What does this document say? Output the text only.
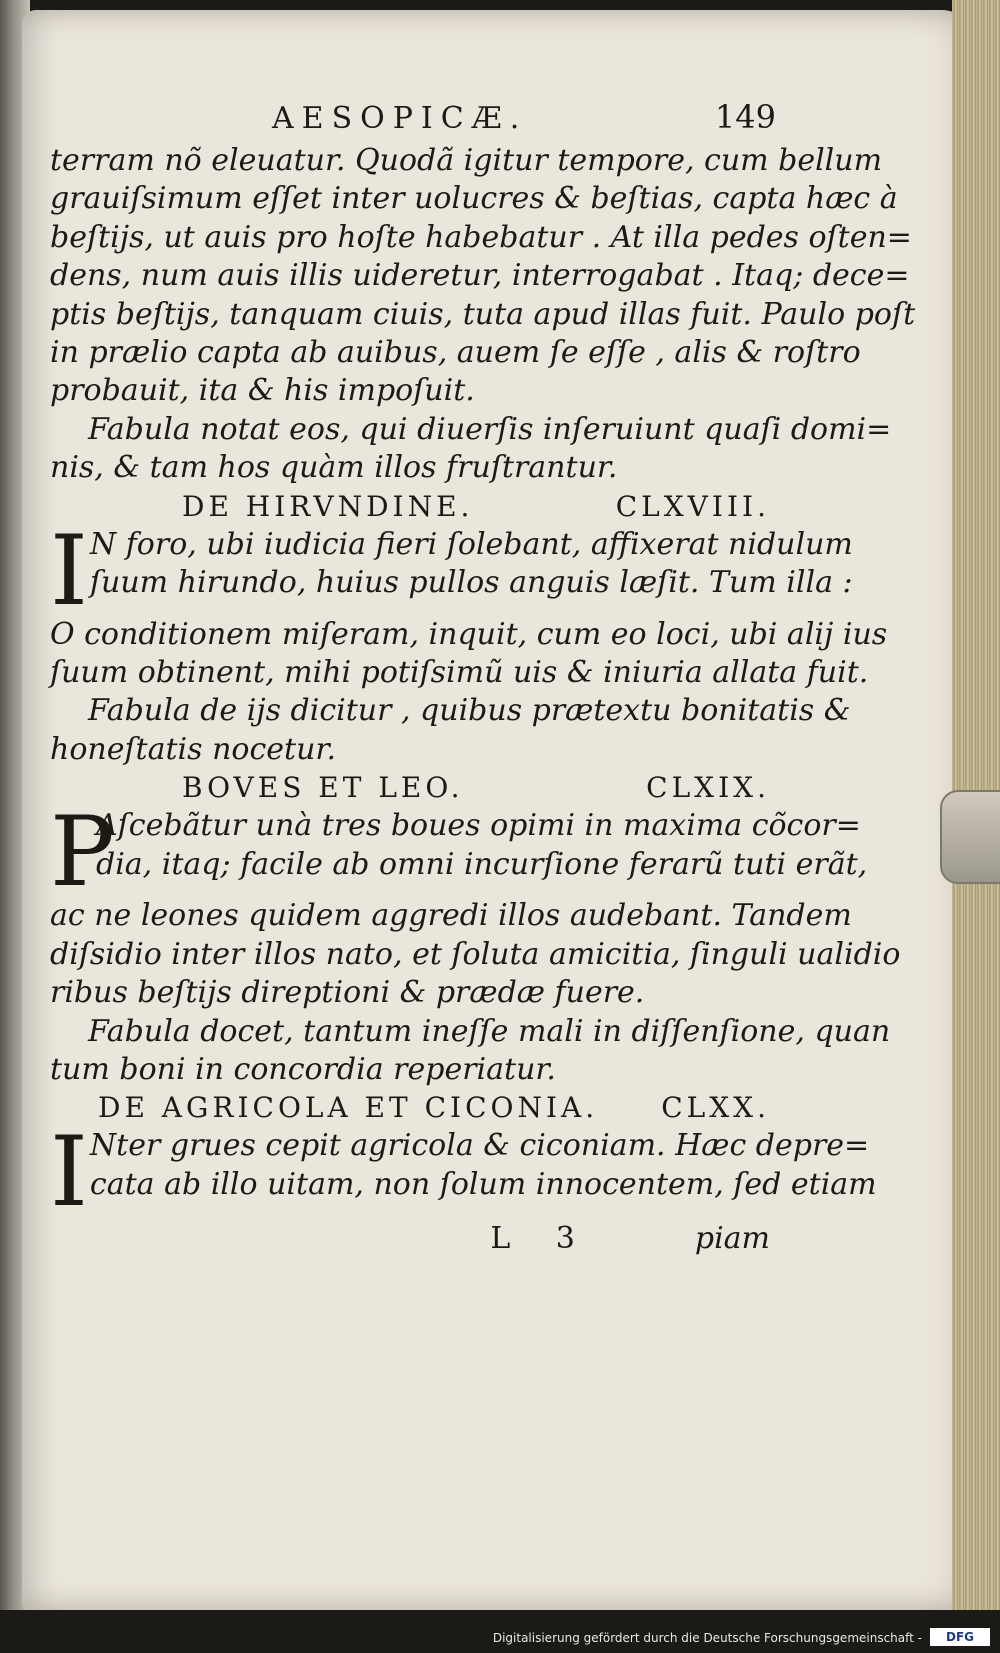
AESOPICÆ.	149
terram nõ eleuatur. Quodã igitur tempore, cum bellum
grauiſsimum eſſet inter uolucres & beſtias, capta hæc à
beſtijs, ut auis pro hoſte habebatur . At illa pedes oſten=
dens, num auis illis uideretur, interrogabat . Itaq; dece=
ptis beſtijs, tanquam ciuis, tuta apud illas fuit. Paulo poſt
in prælio capta ab auibus, auem ſe eſſe , alis & roſtro
probauit, ita & his impoſuit.
Fabula notat eos, qui diuerſis inſeruiunt quaſi domi=
nis, & tam hos quàm illos fruſtrantur.
DE HIRVNDINE.	CLXVIII.
I N foro, ubi iudicia fieri ſolebant, affixerat nidulum
ſuum hirundo, huius pullos anguis læſit. Tum illa :
O conditionem miſeram, inquit, cum eo loci, ubi alij ius
ſuum obtinent, mihi potiſsimũ uis & iniuria allata fuit.
Fabula de ijs dicitur , quibus prætextu bonitatis &
honeſtatis nocetur.
BOVES ET LEO.	CLXIX.
P
Aſcebãtur unà tres boues opimi in maxima cõcor=
dia, itaq; facile ab omni incurſione ferarũ tuti erãt,
ac ne leones quidem aggredi illos audebant. Tandem
diſsidio inter illos nato, et ſoluta amicitia, ſinguli ualidio
ribus beſtijs direptioni & prædæ fuere.
Fabula docet, tantum ineſſe mali in diſſenſione, quan
tum boni in concordia reperiatur.
DE AGRICOLA ET CICONIA. CLXX.
I Nter grues cepit agricola & ciconiam. Hæc depre=
cata ab illo uitam, non ſolum innocentem, ſed etiam
L 3	piam
Digitalisierung gefördert durch die Deutsche Forschungsgemeinschaft -	DFG
